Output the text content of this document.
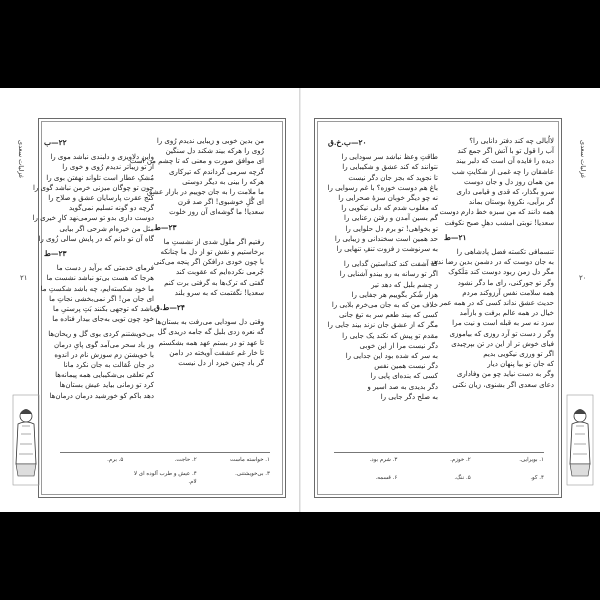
غزلیات سعدی
۲۱
من بدین خوبی و زیبایی ندیدم رُوی را
رُوی را هرکه بیند شکند دل سنگین
ای موافق صورت و معنی که تا چشم من است
گرچه سرمی گرداندم که تیرکاری
هرکه را بینی به دیگر دوستی
ما ملامت را به جان جوییم در بازار عشق
ای گُلِ خوشبوی! اگر صد قرن
سعدیا! ما گوشه‌ای آن روز خلوت
۲۳—ط
رفتیم اگر ملول شدی از نشستِ ما
برخاستیم و نقش تو از دل ما چنانکه
با چون خودی درافکن اگر پنجه می‌کنی
جُرمی نکرده‌ایم که عقوبت کند
گفتی که ترک‌ها به گرفتی برت کنم
سعدیا! نگفتمت که به سرو بلند
۲۴—ط.ق
وقتی دل سودایی می‌رفت به بستان‌ها
گه نعره زدی بلبل گه جامه دریدی گل
تا عهد تو در بستم عهد همه بشکستم
تا خار غم عشقت آویخته در دامن
گر باد چنین خیزد از دل نیست
۲۲—ب
واین دلاویزی و دلبندی نباشد موی را
از تو زیباتر ندیدم رُوی و خوی را
مُشکِ عطار است تلواند نهفتن بوی را
جون تو چوگان میزنی خرمن نباشد گوی را
کنج عقرت پارسایان عشق و صلاح را
گرچه دو گونه تسلیم نمی‌گوید
دوست داری بدو تو سرمی‌نهد کارِ خیری را
مثل من خیره‌ام شرحی اگر بیایی
گاه آن تو دانم که در پایش سالی زُوی را
۲۳—ط
فرمای خدمتی که برآید ز دست ما
هرجا که هست بی‌تو نباشد نشست ما
ما خود شکسته‌ایم، چه باشد شکستِ ما
ای جان من! اگر نمی‌بخشی نجاتِ ما
باشد که توجهی بکنند بَتِ پرستیِ ما
خود چون تویی به‌جای بیدار فتاده ما
بی‌خویشتنم کردی بوی گل و ریحان‌ها
وز باد سحر می‌آمد گوی پایِ درمان
با خویشتن زم سوزش نام در اندوه
در جان عُقالت به جان نکرد مانا
کم تعلقی بی‌شکیبایی همه پیمانه‌ها
کرد تو زمانی بیاید عیش بستان‌ها
دهد باکم کو خورشید درمان درمان‌ها
۱. خواسته ماست
۲. حاجت.
۵. برم.
۳. بی‌خویشتنی.
۴. عیش و طرب آلوده ای لا لام.
غزلیات سعدی
۲۰
لااُبالی چه کند دفتر دانایی را؟
آب را قول تو با آتش اگر جمع کند
دیده را فایده آن است که دلبر بیند
عاشقان را چه غمی از شکایتِ شب
من همان روز دل و جان دوست
سرو بگذار، که قدی و قیامی داری
گر برآیی، نکروهٔ بوستان بماند
همه دانند که من سبزه‌ خط دارم دوست
سعدیا! نوبتی امشب دهلِ صبح نکوفت
۲۱—ط
تنسمافی تکسته فضل پادشاهی را
به جان دوست که در دشمن بدین رضا ندهد
مگر دل زمن ربود دوست کند مَلَکوک
وگر تو جورکنی، رای ما دگر نشود
همه سلامت نفس آرزوکند مردم
حدیث عشق نداند کسی که در همه عمر
خیال در همه عالم برفت و بازآمد
سزد نه سر به قبله است و نیت مرا
وگر ز دست تو آرد روزی که بیاموزی
فیای خوش تر از این در تن بپرچیدی
اگر تو ورزی نیکویی بدیم
که جان تو بیا پنهان دیار
وگر به دست نیاید چو من وفاداری
دعای سعدی اگر بشنوی، زیان نکنی
۲۰—ب.خ.ق
طاقتِ وعظ نباشد سر سودایی را
نتوانند که کند عشق و شکیبایی را
تا نجوید که بجز جان دگر نیست
باغ هم دوست خوزه؟ با غم رسوایی را
نه چو دیگر خوبان سزهٔ صحرایی را
که مغلوب شدم که دلی نیکویی را
گم بسین آمدن و رفتن رعنایی را
تو بخواهی! تو برم دل حلوایی را
حد همین است سخندانی و زیبایی را
به سرنوشت ز فزوت تنفِ تنهایی را
که آشفت کند کنداستین گدایی را
اگر تو رسانه به رو بیندو آشنایی را
ز چشم بلبل که دهد تیر
هزار شُکر بگوییم هر جفایی را
خلاف من که به جان می‌خرم بلایی را
کسی که بیند طعم سر به تیغ جانی
مگر که از عشق جان نزند بیند جایی را
مقدم تو پیش که نکند یک جایی را
دگر نیست مرا از این خوبی
به سر که شده بود این جدایی را
دگر نیست همین نفس
کسی که بنده‌ای پایی را
دگر بدیدی به صد اسیر و
به صلح دگر جایی را
۱. بویرایی.
۲. خوزم.
۳. شرم بود.
۴. کو.
۵. ننگ.
۶. قسمه.
